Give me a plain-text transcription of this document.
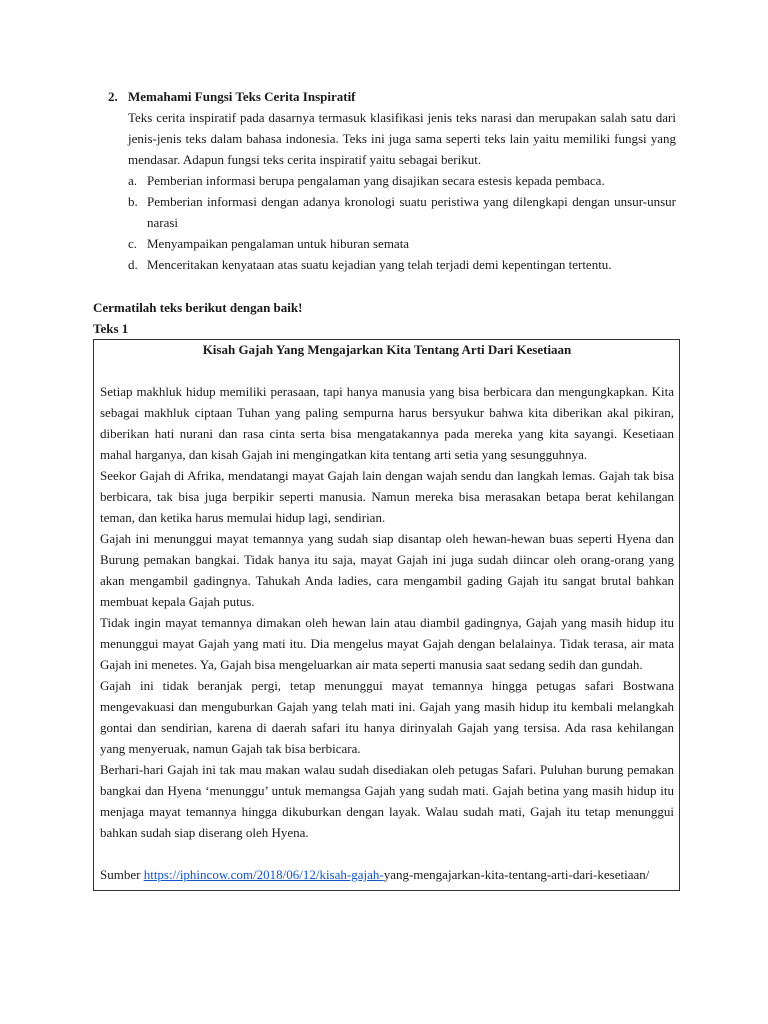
2. Memahami Fungsi Teks Cerita Inspiratif
Teks cerita inspiratif pada dasarnya termasuk klasifikasi jenis teks narasi dan merupakan salah satu dari jenis-jenis teks dalam bahasa indonesia. Teks ini juga sama seperti teks lain yaitu memiliki fungsi yang mendasar. Adapun fungsi teks cerita inspiratif yaitu sebagai berikut.
a. Pemberian informasi berupa pengalaman yang disajikan secara estesis kepada pembaca.
b. Pemberian informasi dengan adanya kronologi suatu peristiwa yang dilengkapi dengan unsur-unsur narasi
c. Menyampaikan pengalaman untuk hiburan semata
d. Menceritakan kenyataan atas suatu kejadian yang telah terjadi demi kepentingan tertentu.
Cermatilah teks berikut dengan baik!
Teks 1
Kisah Gajah Yang Mengajarkan Kita Tentang Arti Dari Kesetiaan

Setiap makhluk hidup memiliki perasaan, tapi hanya manusia yang bisa berbicara dan mengungkapkan. Kita sebagai makhluk ciptaan Tuhan yang paling sempurna harus bersyukur bahwa kita diberikan akal pikiran, diberikan hati nurani dan rasa cinta serta bisa mengatakannya pada mereka yang kita sayangi. Kesetiaan mahal harganya, dan kisah Gajah ini mengingatkan kita tentang arti setia yang sesungguhnya.

Seekor Gajah di Afrika, mendatangi mayat Gajah lain dengan wajah sendu dan langkah lemas. Gajah tak bisa berbicara, tak bisa juga berpikir seperti manusia. Namun mereka bisa merasakan betapa berat kehilangan teman, dan ketika harus memulai hidup lagi, sendirian.

Gajah ini menunggui mayat temannya yang sudah siap disantap oleh hewan-hewan buas seperti Hyena dan Burung pemakan bangkai. Tidak hanya itu saja, mayat Gajah ini juga sudah diincar oleh orang-orang yang akan mengambil gadingnya. Tahukah Anda ladies, cara mengambil gading Gajah itu sangat brutal bahkan membuat kepala Gajah putus.

Tidak ingin mayat temannya dimakan oleh hewan lain atau diambil gadingnya, Gajah yang masih hidup itu menunggui mayat Gajah yang mati itu. Dia mengelus mayat Gajah dengan belalainya. Tidak terasa, air mata Gajah ini menetes. Ya, Gajah bisa mengeluarkan air mata seperti manusia saat sedang sedih dan gundah.

Gajah ini tidak beranjak pergi, tetap menunggui mayat temannya hingga petugas safari Bostwana mengevakuasi dan menguburkan Gajah yang telah mati ini. Gajah yang masih hidup itu kembali melangkah gontai dan sendirian, karena di daerah safari itu hanya dirinyalah Gajah yang tersisa. Ada rasa kehilangan yang menyeruak, namun Gajah tak bisa berbicara.

Berhari-hari Gajah ini tak mau makan walau sudah disediakan oleh petugas Safari. Puluhan burung pemakan bangkai dan Hyena ‘menunggu’ untuk memangsa Gajah yang sudah mati. Gajah betina yang masih hidup itu menjaga mayat temannya hingga dikuburkan dengan layak. Walau sudah mati, Gajah itu tetap menunggui bahkan sudah siap diserang oleh Hyena.

Sumber https://iphincow.com/2018/06/12/kisah-gajah-yang-mengajarkan-kita-tentang-arti-dari-kesetiaan/
